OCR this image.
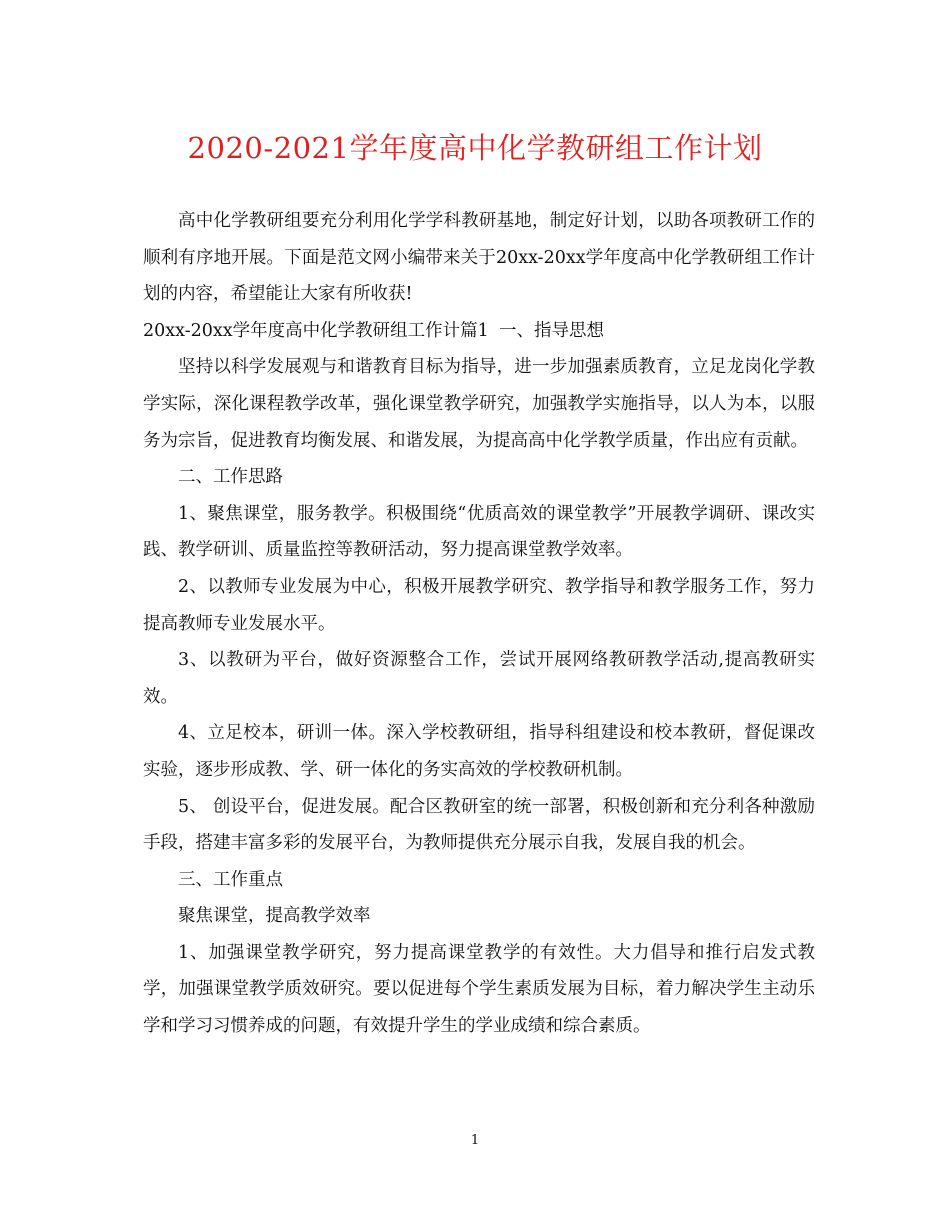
2020-2021学年度高中化学教研组工作计划

高中化学教研组要充分利用化学学科教研基地，制定好计划，以助各项教研工作的顺利有序地开展。下面是范文网小编带来关于20xx-20xx学年度高中化学教研组工作计划的内容，希望能让大家有所收获!

20xx-20xx学年度高中化学教研组工作计篇1	一、指导思想

坚持以科学发展观与和谐教育目标为指导，进一步加强素质教育，立足龙岗化学教学实际，深化课程教学改革，强化课堂教学研究，加强教学实施指导，以人为本，以服务为宗旨，促进教育均衡发展、和谐发展，为提高高中化学教学质量，作出应有贡献。

二、工作思路

1、聚焦课堂，服务教学。积极围绕“优质高效的课堂教学”开展教学调研、课改实践、教学研训、质量监控等教研活动，努力提高课堂教学效率。

2、以教师专业发展为中心，积极开展教学研究、教学指导和教学服务工作，努力提高教师专业发展水平。

3、以教研为平台，做好资源整合工作，尝试开展网络教研教学活动,提高教研实效。

4、立足校本，研训一体。深入学校教研组，指导科组建设和校本教研，督促课改实验，逐步形成教、学、研一体化的务实高效的学校教研机制。

5、 创设平台，促进发展。配合区教研室的统一部署，积极创新和充分利各种激励手段，搭建丰富多彩的发展平台，为教师提供充分展示自我，发展自我的机会。

三、工作重点

聚焦课堂，提高教学效率

1、加强课堂教学研究，努力提高课堂教学的有效性。大力倡导和推行启发式教学，加强课堂教学质效研究。要以促进每个学生素质发展为目标，着力解决学生主动乐学和学习习惯养成的问题，有效提升学生的学业成绩和综合素质。

1
